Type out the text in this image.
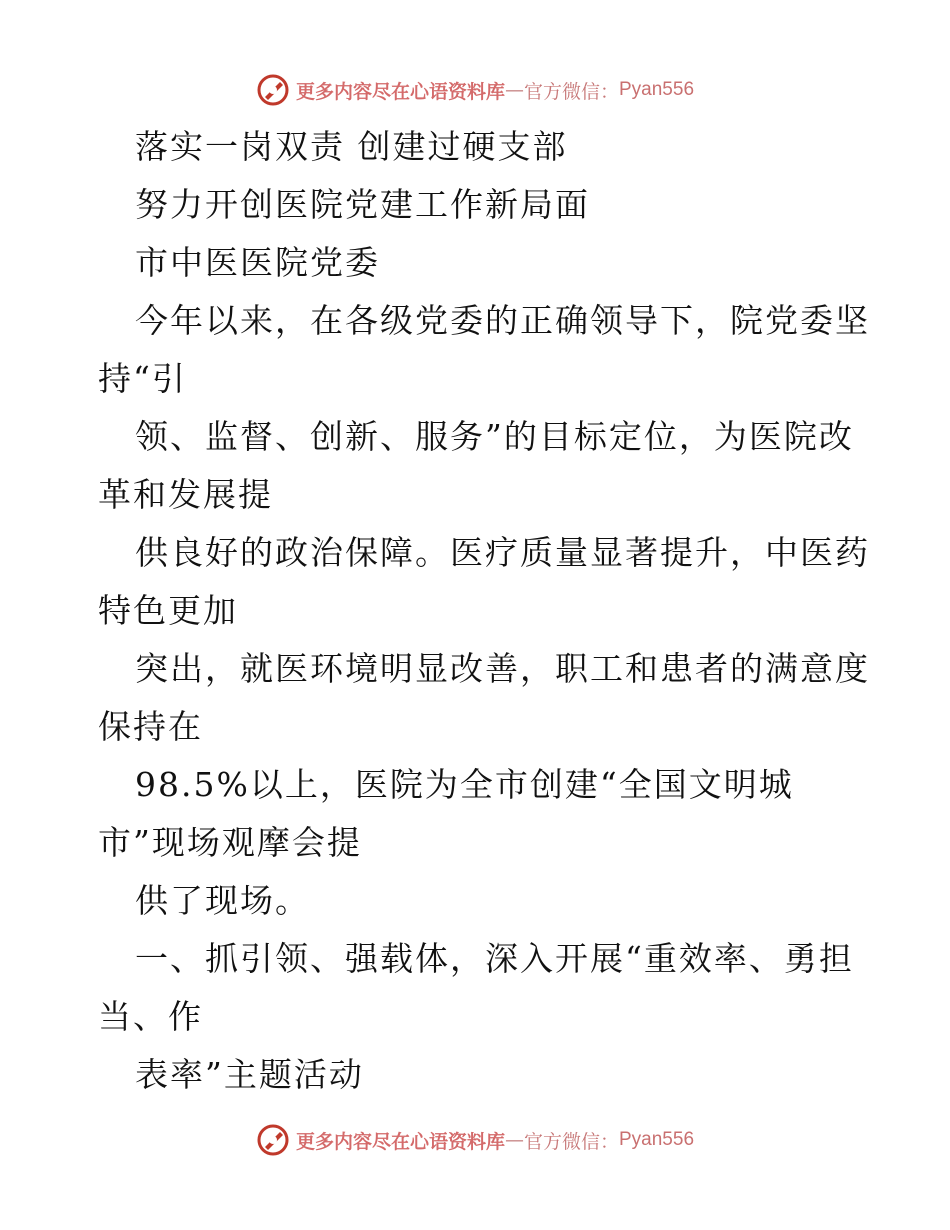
更多内容尽在心语资料库 — 官方微信： Pyan556
落实一岗双责 创建过硬支部
努力开创医院党建工作新局面
市中医医院党委
今年以来，在各级党委的正确领导下，院党委坚
持“引
领、监督、创新、服务”的目标定位，为医院改
革和发展提
供良好的政治保障。医疗质量显著提升，中医药
特色更加
突出，就医环境明显改善，职工和患者的满意度
保持在
98.5%以上，医院为全市创建“全国文明城
市”现场观摩会提
供了现场。
一、抓引领、强载体，深入开展“重效率、勇担
当、作
表率”主题活动
更多内容尽在心语资料库 — 官方微信： Pyan556
